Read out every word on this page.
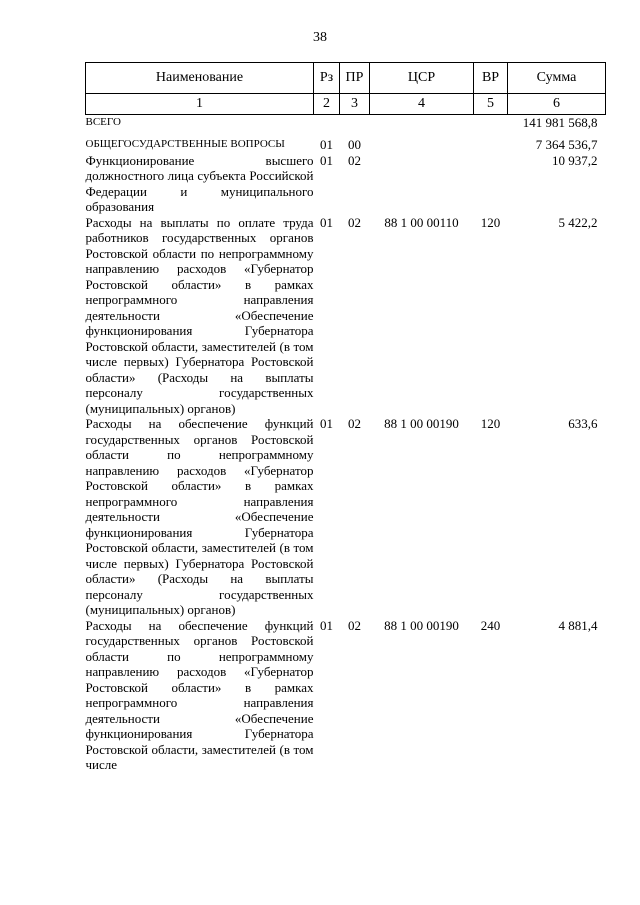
38
Наименование	Рз	ПР	ЦСР	ВР	Сумма
1	2	3	4	5	6
ВСЕГО					141 981 568,8
ОБЩЕГОСУДАРСТВЕННЫЕ ВОПРОСЫ	01	00			7 364 536,7
Функционирование высшего должностного лица субъекта Российской Федерации и муниципального образования	01	02			10 937,2
Расходы на выплаты по оплате труда работников государственных органов Ростовской области по непрограммному направлению расходов «Губернатор Ростовской области» в рамках непрограммного направления деятельности «Обеспечение функционирования Губернатора Ростовской области, заместителей (в том числе первых) Губернатора Ростовской области» (Расходы на выплаты персоналу государственных (муниципальных) органов)	01	02	88 1 00 00110	120	5 422,2
Расходы на обеспечение функций государственных органов Ростовской области по непрограммному направлению расходов «Губернатор Ростовской области» в рамках непрограммного направления деятельности «Обеспечение функционирования Губернатора Ростовской области, заместителей (в том числе первых) Губернатора Ростовской области» (Расходы на выплаты персоналу государственных (муниципальных) органов)	01	02	88 1 00 00190	120	633,6
Расходы на обеспечение функций государственных органов Ростовской области по непрограммному направлению расходов «Губернатор Ростовской области» в рамках непрограммного направления деятельности «Обеспечение функционирования Губернатора Ростовской области, заместителей (в том числе	01	02	88 1 00 00190	240	4 881,4
